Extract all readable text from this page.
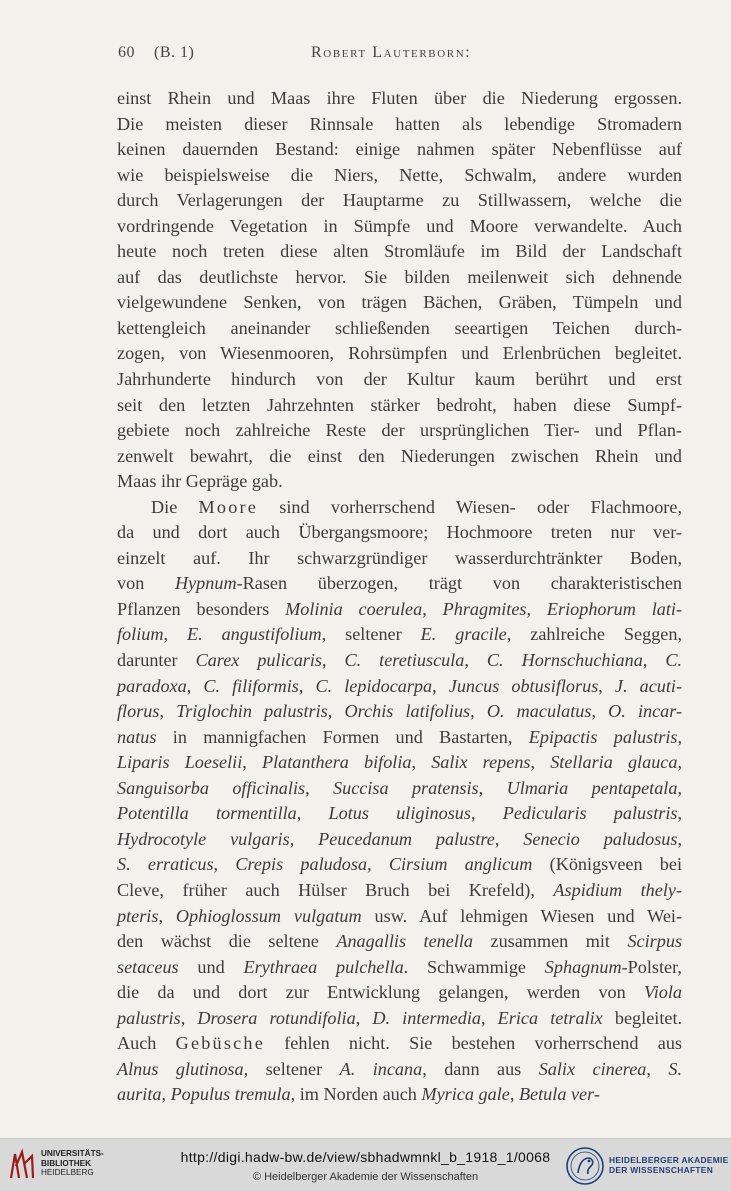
60 (B. 1)	Robert Lauterborn:
einst Rhein und Maas ihre Fluten über die Niederung ergossen.
Die meisten dieser Rinnsale hatten als lebendige Stromadern
keinen dauernden Bestand: einige nahmen später Nebenflüsse auf
wie beispielsweise die Niers, Nette, Schwalm, andere wurden
durch Verlagerungen der Hauptarme zu Stillwassern, welche die
vordringende Vegetation in Sümpfe und Moore verwandelte. Auch
heute noch treten diese alten Stromläufe im Bild der Landschaft
auf das deutlichste hervor. Sie bilden meilenweit sich dehnende
vielgewundene Senken, von trägen Bächen, Gräben, Tümpeln und
kettengleich aneinander schließenden seeartigen Teichen durch-
zogen, von Wiesenmooren, Rohrsümpfen und Erlenbrüchen begleitet.
Jahrhunderte hindurch von der Kultur kaum berührt und erst
seit den letzten Jahrzehnten stärker bedroht, haben diese Sumpf-
gebiete noch zahlreiche Reste der ursprünglichen Tier- und Pflan-
zenwelt bewahrt, die einst den Niederungen zwischen Rhein und
Maas ihr Gepräge gab.
Die Moore sind vorherrschend Wiesen- oder Flachmoore,
da und dort auch Übergangsmoore; Hochmoore treten nur ver-
einzelt auf. Ihr schwarzgründiger wasserdurchtränkter Boden,
von Hypnum-Rasen überzogen, trägt von charakteristischen
Pflanzen besonders Molinia coerulea, Phragmites, Eriophorum lati-
folium, E. angustifolium, seltener E. gracile, zahlreiche Seggen,
darunter Carex pulicaris, C. teretiuscula, C. Hornschuchiana, C.
paradoxa, C. filiformis, C. lepidocarpa, Juncus obtusiflorus, J. acuti-
florus, Triglochin palustris, Orchis latifolius, O. maculatus, O. incar-
natus in mannigfachen Formen und Bastarten, Epipactis palustris,
Liparis Loeselii, Platanthera bifolia, Salix repens, Stellaria glauca,
Sanguisorba officinalis, Succisa pratensis, Ulmaria pentapetala,
Potentilla tormentilla, Lotus uliginosus, Pedicularis palustris,
Hydrocotyle vulgaris, Peucedanum palustre, Senecio paludosus,
S. erraticus, Crepis paludosa, Cirsium anglicum (Königsveen bei
Cleve, früher auch Hülser Bruch bei Krefeld), Aspidium thely-
pteris, Ophioglossum vulgatum usw. Auf lehmigen Wiesen und Wei-
den wächst die seltene Anagallis tenella zusammen mit Scirpus
setaceus und Erythraea pulchella. Schwammige Sphagnum-Polster,
die da und dort zur Entwicklung gelangen, werden von Viola
palustris, Drosera rotundifolia, D. intermedia, Erica tetralix begleitet.
Auch Gebüsche fehlen nicht. Sie bestehen vorherrschend aus
Alnus glutinosa, seltener A. incana, dann aus Salix cinerea, S.
aurita, Populus tremula, im Norden auch Myrica gale, Betula ver-
UNIVERSITÄTS-
BIBLIOTHEK
HEIDELBERG
http://digi.hadw-bw.de/view/sbhadwmnkl_b_1918_1/0068
© Heidelberger Akademie der Wissenschaften
HEIDELBERGER AKADEMIE
DER WISSENSCHAFTEN
